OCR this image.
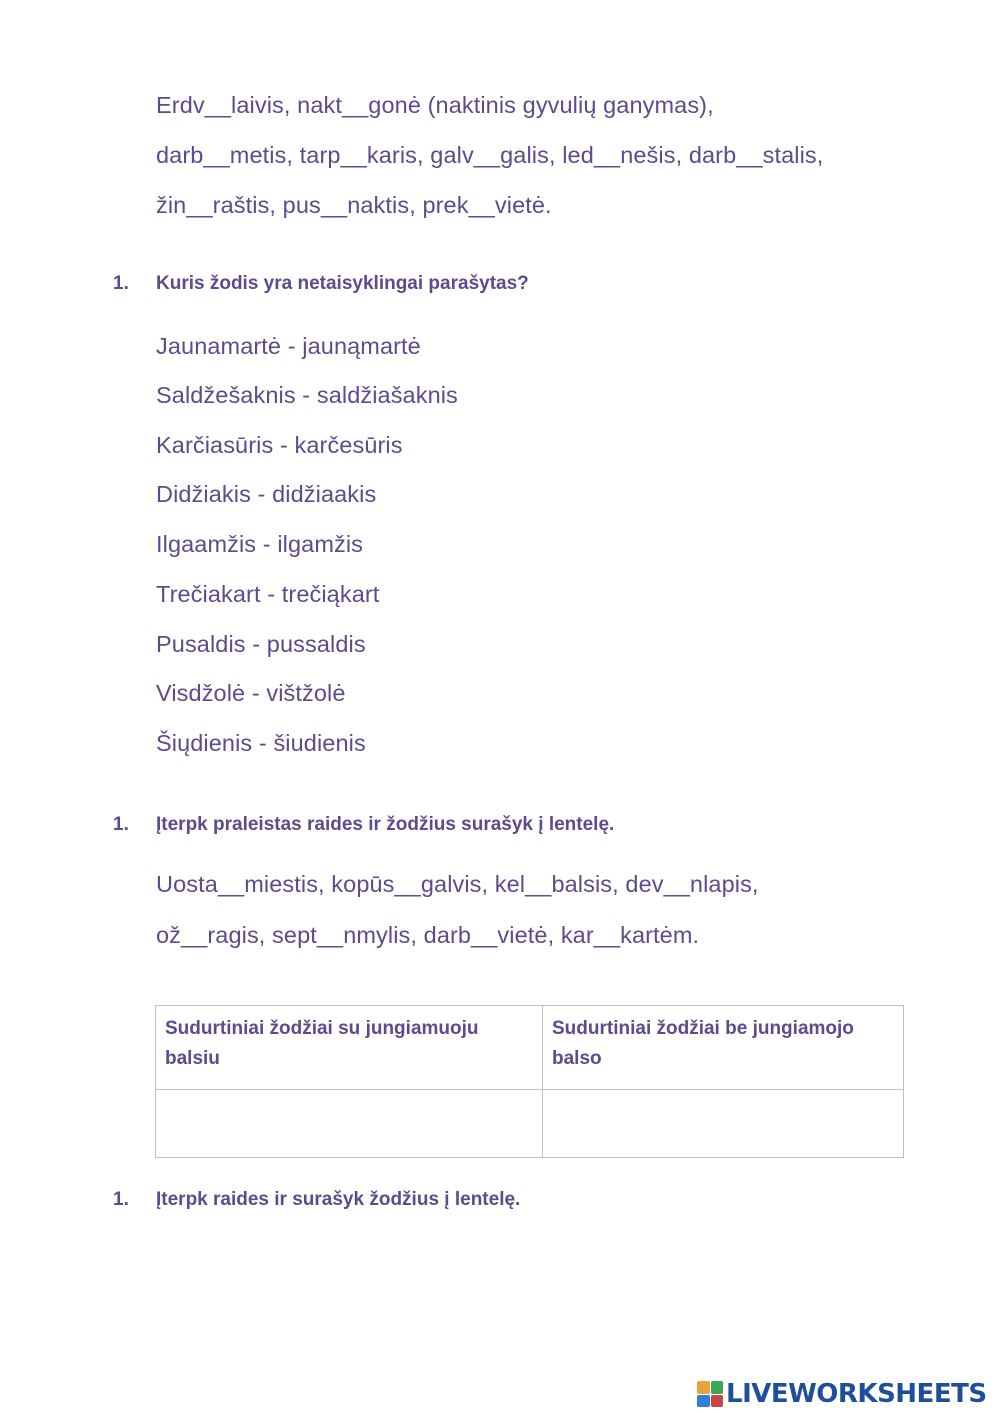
Erdv__laivis, nakt__gonė (naktinis gyvulių ganymas),

darb__metis, tarp__karis, galv__galis, led__nešis, darb__stalis,

žin__raštis, pus__naktis, prek__vietė.

1. Kuris žodis yra netaisyklingai parašytas?

Jaunamartė - jaunąmartė

Saldžešaknis - saldžiašaknis

Karčiasūris - karčesūris

Didžiakis - didžiaakis

Ilgaamžis - ilgamžis

Trečiakart - trečiąkart

Pusaldis - pussaldis

Visdžolė - vištžolė

Šiųdienis - šiudienis

1. Įterpk praleistas raides ir žodžius surašyk į lentelę.

Uosta__miestis, kopūs__galvis, kel__balsis, dev__nlapis,

ož__ragis, sept__nmylis, darb__vietė, kar__kartėm.

Sudurtiniai žodžiai su jungiamuoju balsiu	Sudurtiniai žodžiai be jungiamojo balso

1. Įterpk raides ir surašyk žodžius į lentelę.

LIVEWORKSHEETS
